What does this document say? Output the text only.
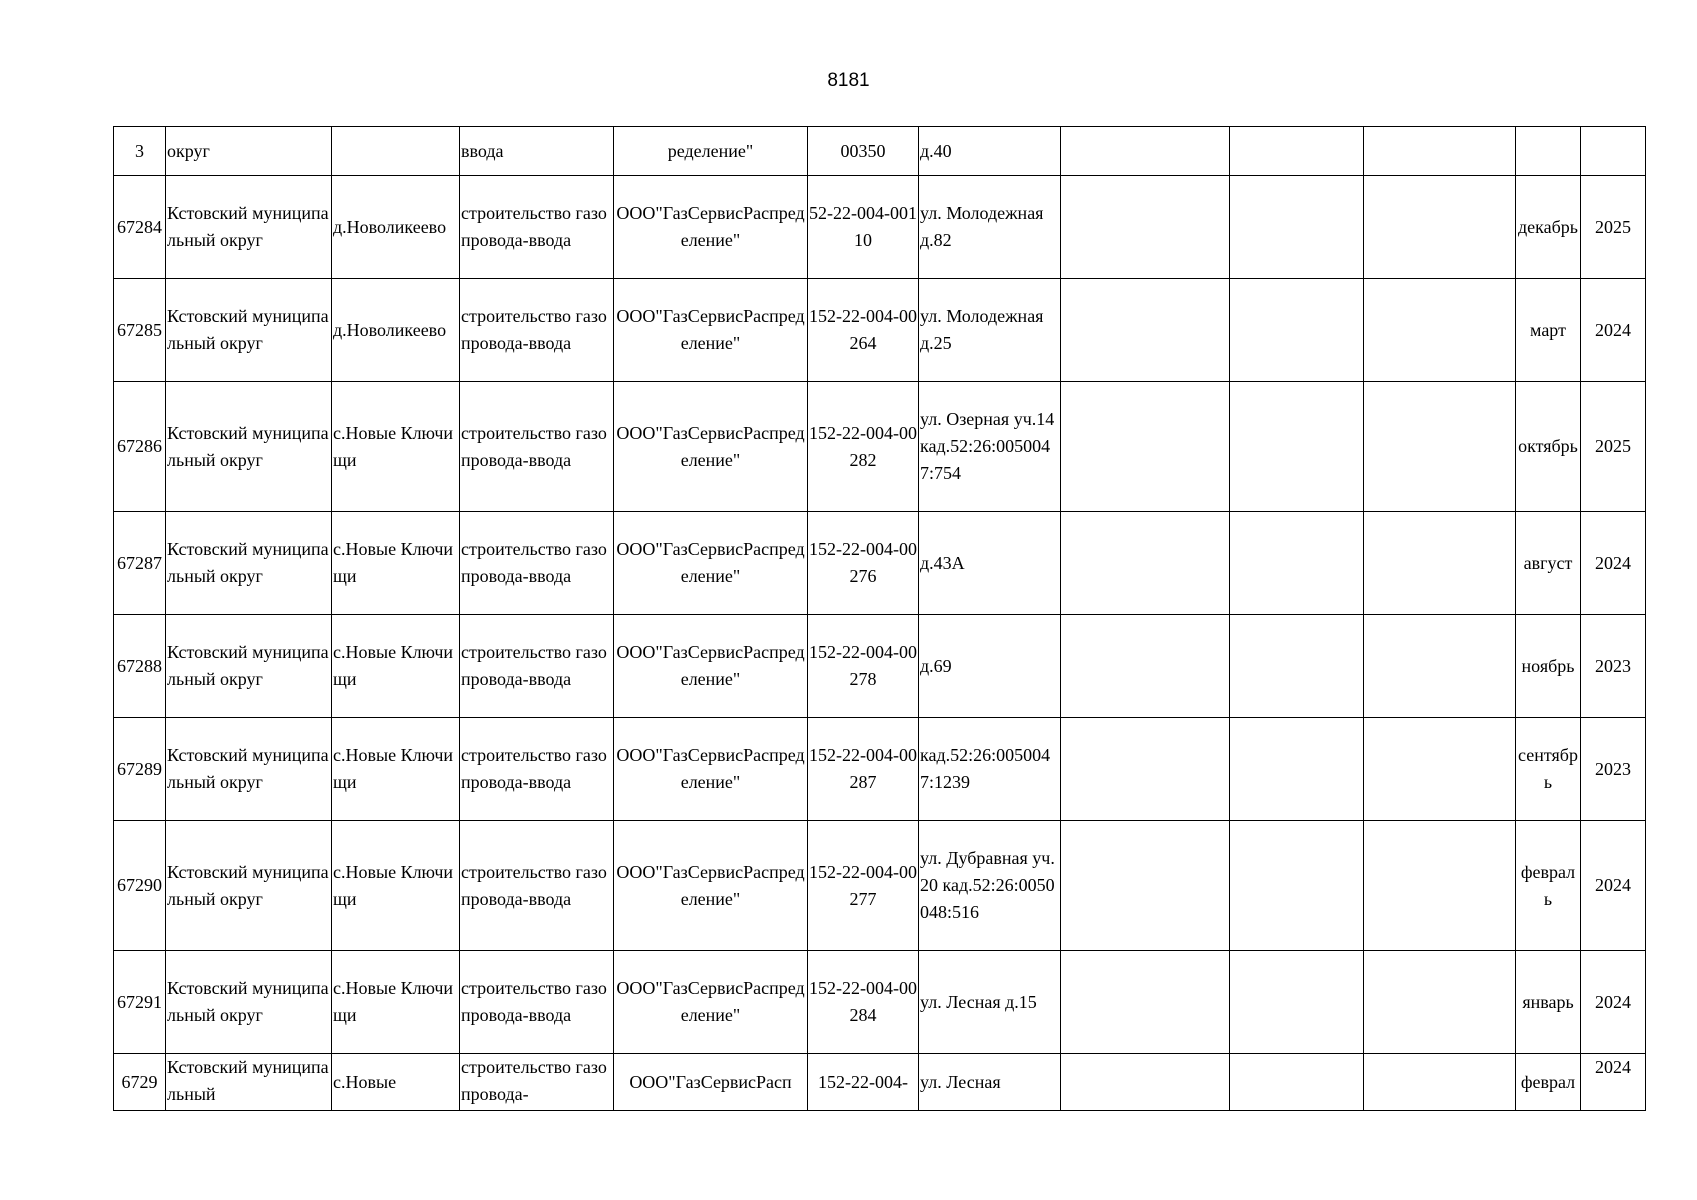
8181
3	округ		ввода	ределение"	00350	д.40					
67284	Кстовский муниципальный округ	д.Новоликеево	строительство газопровода-ввода	ООО"ГазСервисРаспределение"	52-22-004-00110	ул. Молодежная д.82				декабрь	2025
67285	Кстовский муниципальный округ	д.Новоликеево	строительство газопровода-ввода	ООО"ГазСервисРаспределение"	152-22-004-00264	ул. Молодежная д.25				март	2024
67286	Кстовский муниципальный округ	с.Новые Ключищи	строительство газопровода-ввода	ООО"ГазСервисРаспределение"	152-22-004-00282	ул. Озерная уч.14 кад.52:26:0050047:754				октябрь	2025
67287	Кстовский муниципальный округ	с.Новые Ключищи	строительство газопровода-ввода	ООО"ГазСервисРаспределение"	152-22-004-00276	д.43А				август	2024
67288	Кстовский муниципальный округ	с.Новые Ключищи	строительство газопровода-ввода	ООО"ГазСервисРаспределение"	152-22-004-00278	д.69				ноябрь	2023
67289	Кстовский муниципальный округ	с.Новые Ключищи	строительство газопровода-ввода	ООО"ГазСервисРаспределение"	152-22-004-00287	кад.52:26:0050047:1239				сентябрь	2023
67290	Кстовский муниципальный округ	с.Новые Ключищи	строительство газопровода-ввода	ООО"ГазСервисРаспределение"	152-22-004-00277	ул. Дубравная уч.20 кад.52:26:0050048:516				февраль	2024
67291	Кстовский муниципальный округ	с.Новые Ключищи	строительство газопровода-ввода	ООО"ГазСервисРаспределение"	152-22-004-00284	ул. Лесная д.15				январь	2024
6729	Кстовский муниципальный	с.Новые	строительство газопровода-	ООО"ГазСервисРасп	152-22-004-	ул. Лесная				феврал	2024
